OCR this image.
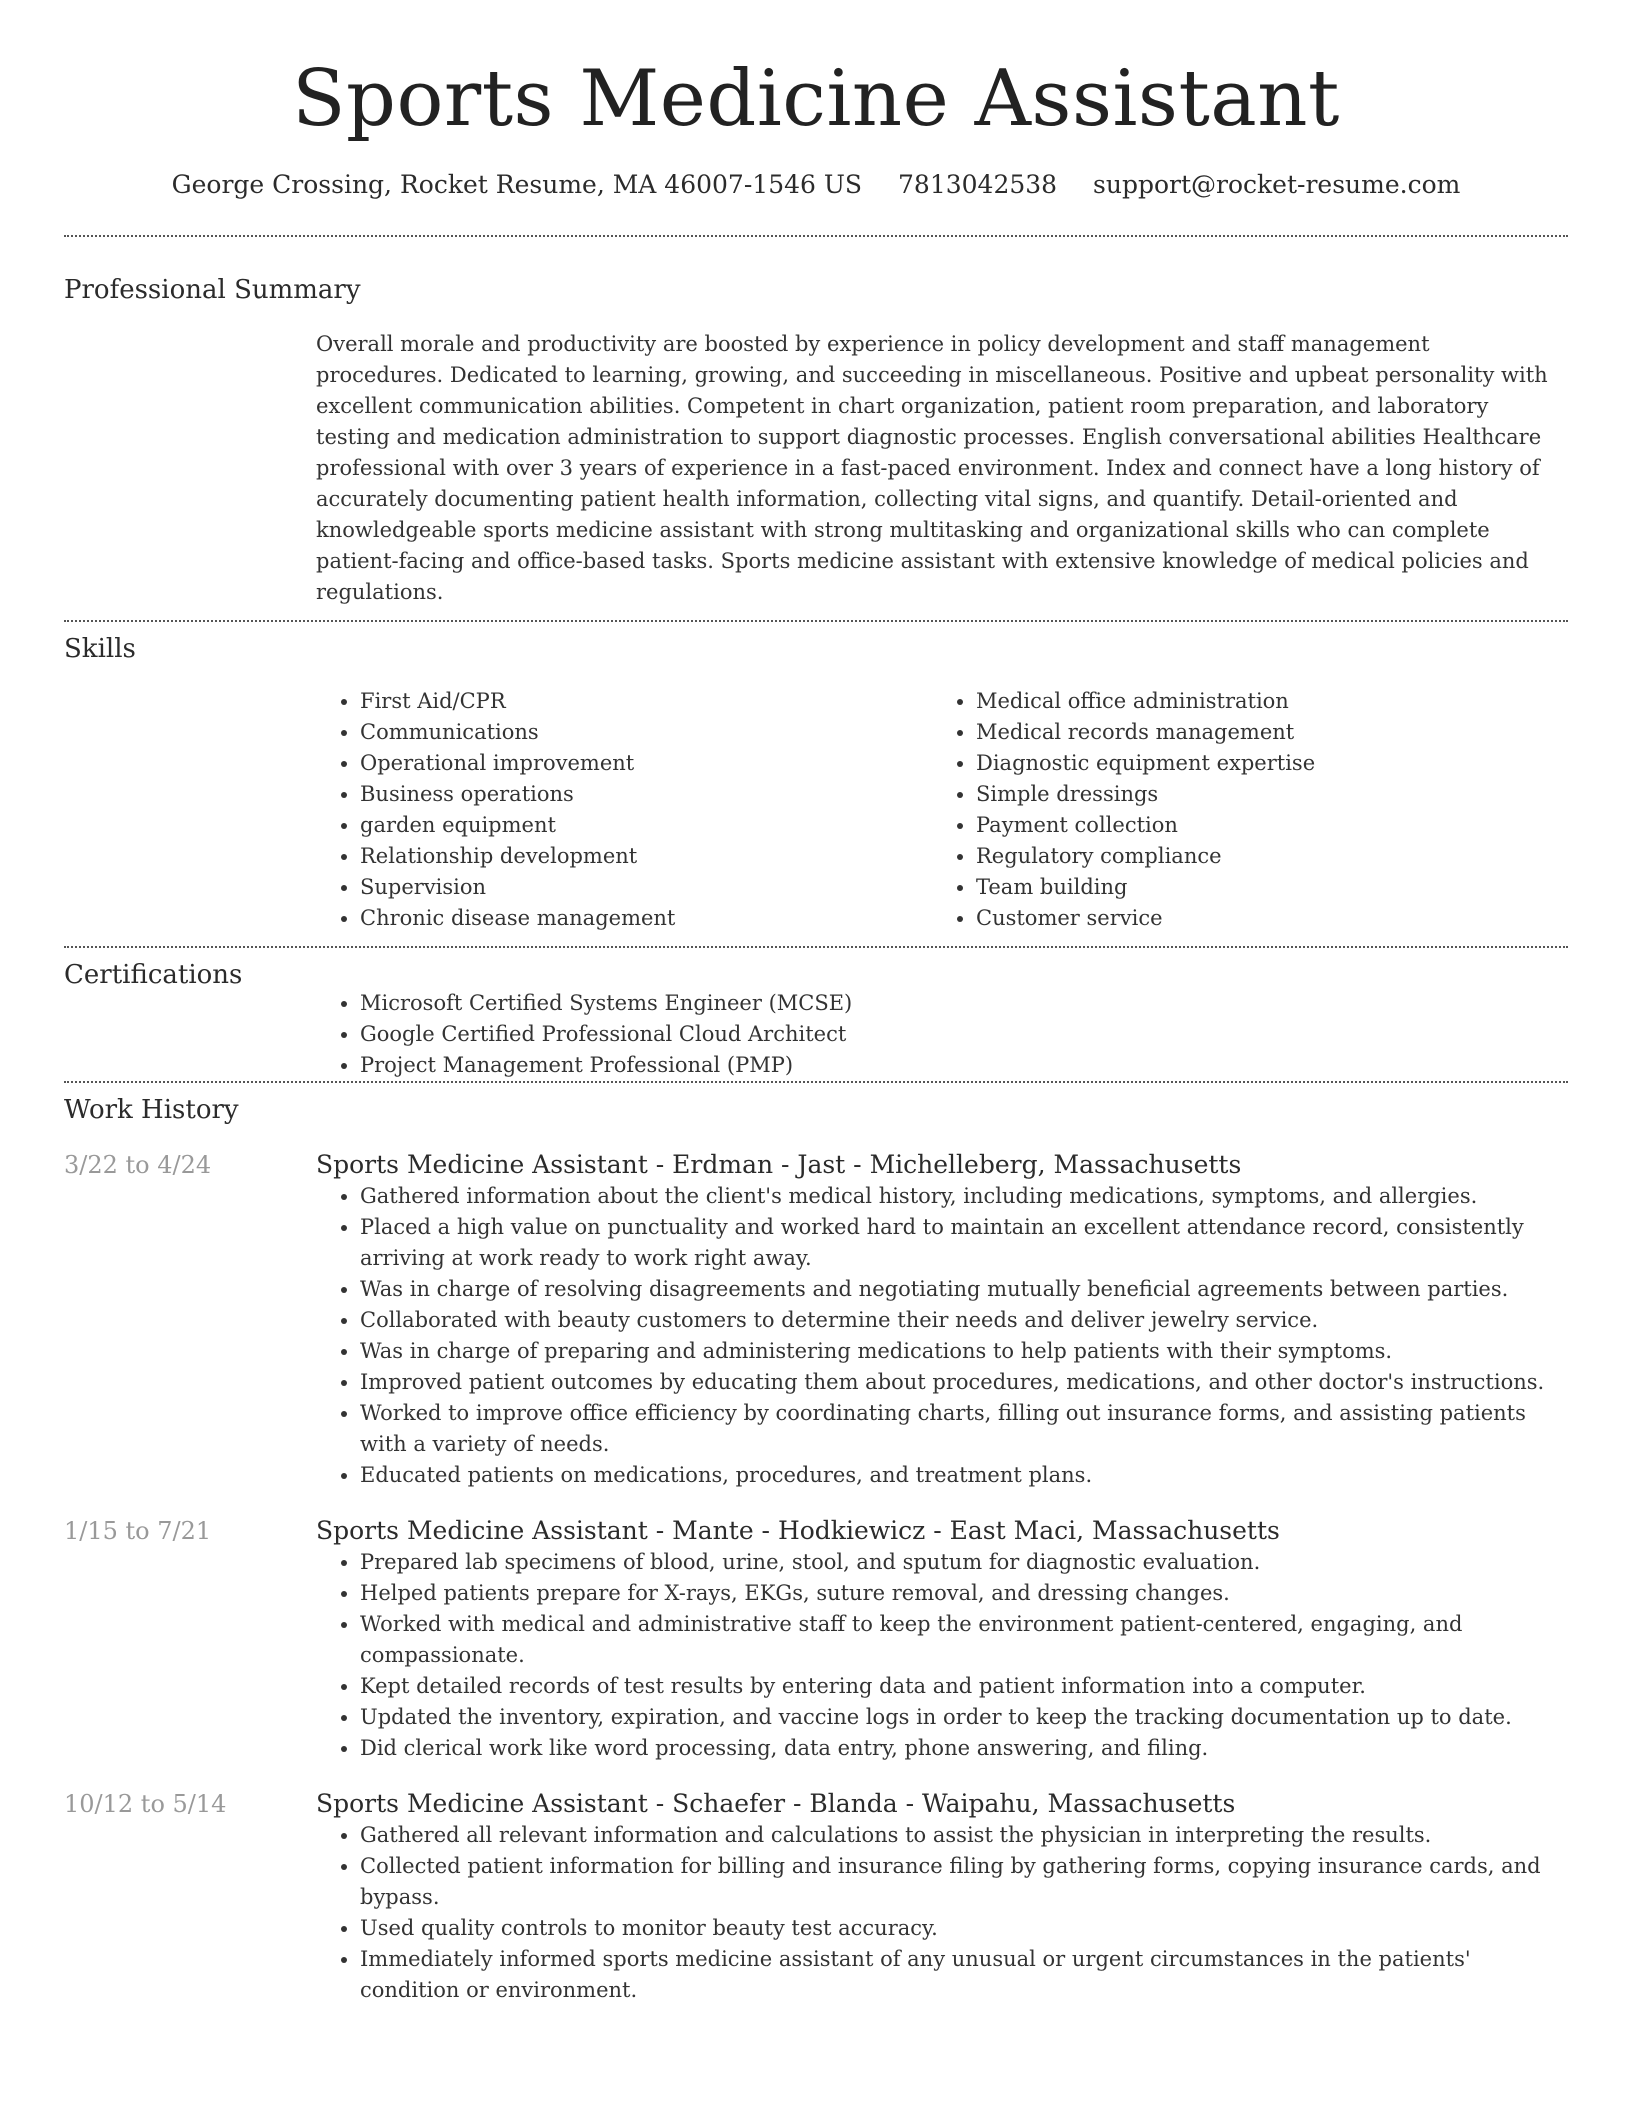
Sports Medicine Assistant
George Crossing, Rocket Resume, MA 46007-1546 US 7813042538 support@rocket-resume.com
Professional Summary

Overall morale and productivity are boosted by experience in policy development and staff management procedures. Dedicated to learning, growing, and succeeding in miscellaneous. Positive and upbeat personality with excellent communication abilities. Competent in chart organization, patient room preparation, and laboratory testing and medication administration to support diagnostic processes. English conversational abilities Healthcare professional with over 3 years of experience in a fast-paced environment. Index and connect have a long history of accurately documenting patient health information, collecting vital signs, and quantify. Detail-oriented and knowledgeable sports medicine assistant with strong multitasking and organizational skills who can complete patient-facing and office-based tasks. Sports medicine assistant with extensive knowledge of medical policies and regulations.

Skills
• First Aid/CPR
• Communications
• Operational improvement
• Business operations
• garden equipment
• Relationship development
• Supervision
• Chronic disease management
• Medical office administration
• Medical records management
• Diagnostic equipment expertise
• Simple dressings
• Payment collection
• Regulatory compliance
• Team building
• Customer service
Certifications
• Microsoft Certified Systems Engineer (MCSE)
• Google Certified Professional Cloud Architect
• Project Management Professional (PMP)
Work History
3/22 to 4/24	Sports Medicine Assistant - Erdman - Jast - Michelleberg, Massachusetts
• Gathered information about the client's medical history, including medications, symptoms, and allergies.
• Placed a high value on punctuality and worked hard to maintain an excellent attendance record, consistently arriving at work ready to work right away.
• Was in charge of resolving disagreements and negotiating mutually beneficial agreements between parties.
• Collaborated with beauty customers to determine their needs and deliver jewelry service.
• Was in charge of preparing and administering medications to help patients with their symptoms.
• Improved patient outcomes by educating them about procedures, medications, and other doctor's instructions.
• Worked to improve office efficiency by coordinating charts, filling out insurance forms, and assisting patients with a variety of needs.
• Educated patients on medications, procedures, and treatment plans.
1/15 to 7/21	Sports Medicine Assistant - Mante - Hodkiewicz - East Maci, Massachusetts
• Prepared lab specimens of blood, urine, stool, and sputum for diagnostic evaluation.
• Helped patients prepare for X-rays, EKGs, suture removal, and dressing changes.
• Worked with medical and administrative staff to keep the environment patient-centered, engaging, and compassionate.
• Kept detailed records of test results by entering data and patient information into a computer.
• Updated the inventory, expiration, and vaccine logs in order to keep the tracking documentation up to date.
• Did clerical work like word processing, data entry, phone answering, and filing.
10/12 to 5/14	Sports Medicine Assistant - Schaefer - Blanda - Waipahu, Massachusetts
• Gathered all relevant information and calculations to assist the physician in interpreting the results.
• Collected patient information for billing and insurance filing by gathering forms, copying insurance cards, and bypass.
• Used quality controls to monitor beauty test accuracy.
• Immediately informed sports medicine assistant of any unusual or urgent circumstances in the patients' condition or environment.
